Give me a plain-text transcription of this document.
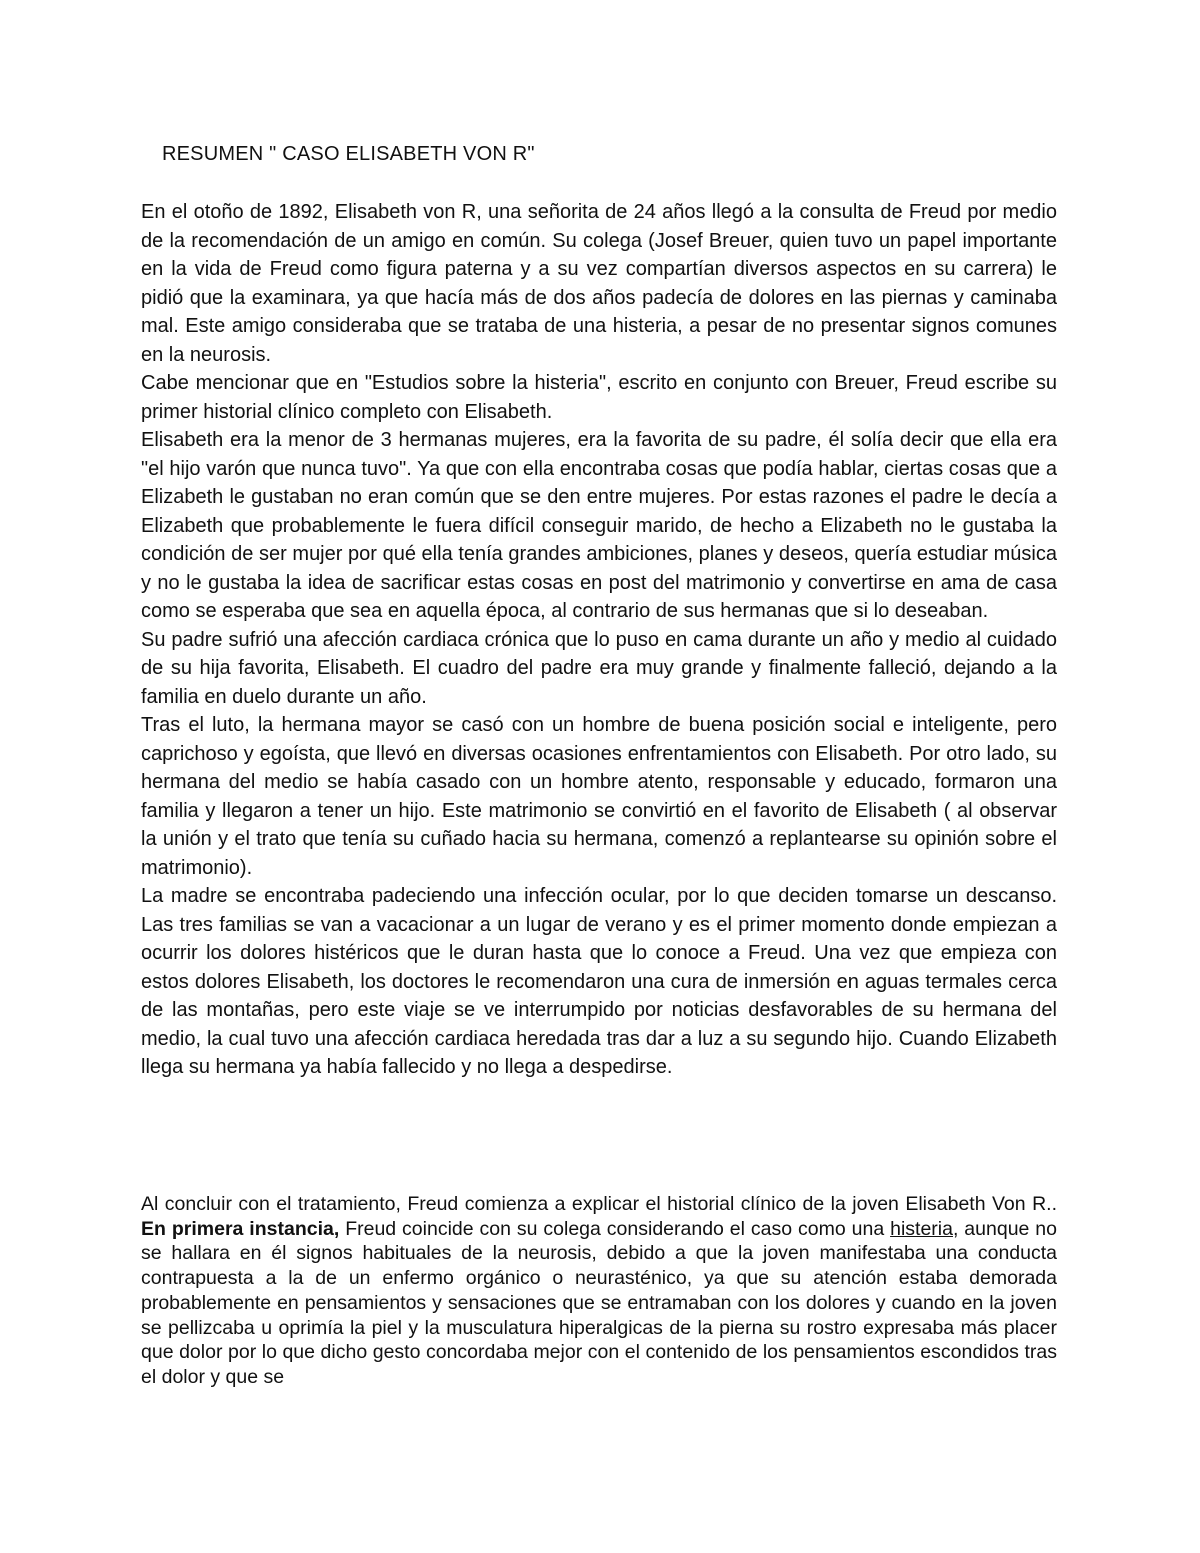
RESUMEN " CASO ELISABETH VON R"

En el otoño de 1892, Elisabeth von R, una señorita de 24 años llegó a la consulta de Freud por medio de la recomendación de un amigo en común. Su colega (Josef Breuer, quien tuvo un papel importante en la vida de Freud como figura paterna y a su vez compartían diversos aspectos en su carrera) le pidió que la examinara, ya que hacía más de dos años padecía de dolores en las piernas y caminaba mal. Este amigo consideraba que se trataba de una histeria, a pesar de no presentar signos comunes en la neurosis.

Cabe mencionar que en "Estudios sobre la histeria", escrito en conjunto con Breuer, Freud escribe su primer historial clínico completo con Elisabeth.

Elisabeth era la menor de 3 hermanas mujeres, era la favorita de su padre, él solía decir que ella era "el hijo varón que nunca tuvo". Ya que con ella encontraba cosas que podía hablar, ciertas cosas que a Elizabeth le gustaban no eran común que se den entre mujeres. Por estas razones el padre le decía a Elizabeth que probablemente le fuera difícil conseguir marido, de hecho a Elizabeth no le gustaba la condición de ser mujer por qué ella tenía grandes ambiciones, planes y deseos, quería estudiar música y no le gustaba la idea de sacrificar estas cosas en post del matrimonio y convertirse en ama de casa como se esperaba que sea en aquella época, al contrario de sus hermanas que si lo deseaban.

Su padre sufrió una afección cardiaca crónica que lo puso en cama durante un año y medio al cuidado de su hija favorita, Elisabeth. El cuadro del padre era muy grande y finalmente falleció, dejando a la familia en duelo durante un año.

Tras el luto, la hermana mayor se casó con un hombre de buena posición social e inteligente, pero caprichoso y egoísta, que llevó en diversas ocasiones enfrentamientos con Elisabeth. Por otro lado, su hermana del medio se había casado con un hombre atento, responsable y educado, formaron una familia y llegaron a tener un hijo. Este matrimonio se convirtió en el favorito de Elisabeth ( al observar la unión y el trato que tenía su cuñado hacia su hermana, comenzó a replantearse su opinión sobre el matrimonio).

La madre se encontraba padeciendo una infección ocular, por lo que deciden tomarse un descanso. Las tres familias se van a vacacionar a un lugar de verano y es el primer momento donde empiezan a ocurrir los dolores histéricos que le duran hasta que lo conoce a Freud. Una vez que empieza con estos dolores Elisabeth, los doctores le recomendaron una cura de inmersión en aguas termales cerca de las montañas, pero este viaje se ve interrumpido por noticias desfavorables de su hermana del medio, la cual tuvo una afección cardiaca heredada tras dar a luz a su segundo hijo. Cuando Elizabeth llega su hermana ya había fallecido y no llega a despedirse.

Al concluir con el tratamiento, Freud comienza a explicar el historial clínico de la joven Elisabeth Von R.. En primera instancia, Freud coincide con su colega considerando el caso como una histeria, aunque no se hallara en él signos habituales de la neurosis, debido a que la joven manifestaba una conducta contrapuesta a la de un enfermo orgánico o neurasténico, ya que su atención estaba demorada probablemente en pensamientos y sensaciones que se entramaban con los dolores y cuando en la joven se pellizcaba u oprimía la piel y la musculatura hiperalgicas de la pierna su rostro expresaba más placer que dolor por lo que dicho gesto concordaba mejor con el contenido de los pensamientos escondidos tras el dolor y que se
